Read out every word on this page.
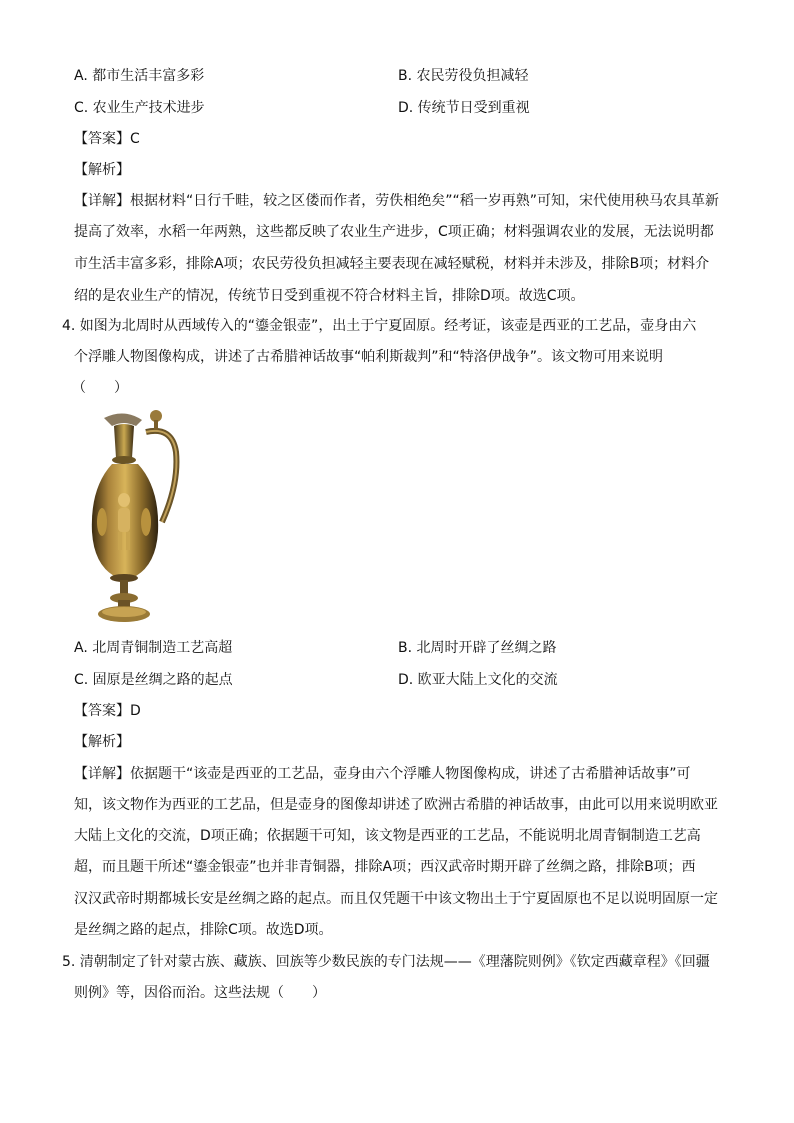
A. 都市生活丰富多彩	B. 农民劳役负担减轻
C. 农业生产技术进步	D. 传统节日受到重视
【答案】C
【解析】
【详解】根据材料“日行千畦，较之区偻而作者，劳佚相绝矣”“稻一岁再熟”可知，宋代使用秧马农具革新
提高了效率，水稻一年两熟，这些都反映了农业生产进步，C项正确；材料强调农业的发展，无法说明都
市生活丰富多彩，排除A项；农民劳役负担减轻主要表现在减轻赋税，材料并未涉及，排除B项；材料介
绍的是农业生产的情况，传统节日受到重视不符合材料主旨，排除D项。故选C项。
4. 如图为北周时从西域传入的“鎏金银壶”，出土于宁夏固原。经考证，该壶是西亚的工艺品，壶身由六
个浮雕人物图像构成，讲述了古希腊神话故事“帕利斯裁判”和“特洛伊战争”。该文物可用来说明
（　　）
A. 北周青铜制造工艺高超	B. 北周时开辟了丝绸之路
C. 固原是丝绸之路的起点	D. 欧亚大陆上文化的交流
【答案】D
【解析】
【详解】依据题干“该壶是西亚的工艺品，壶身由六个浮雕人物图像构成，讲述了古希腊神话故事”可
知，该文物作为西亚的工艺品，但是壶身的图像却讲述了欧洲古希腊的神话故事，由此可以用来说明欧亚
大陆上文化的交流，D项正确；依据题干可知，该文物是西亚的工艺品，不能说明北周青铜制造工艺高
超，而且题干所述“鎏金银壶”也并非青铜器，排除A项；西汉武帝时期开辟了丝绸之路，排除B项；西
汉汉武帝时期都城长安是丝绸之路的起点。而且仅凭题干中该文物出土于宁夏固原也不足以说明固原一定
是丝绸之路的起点，排除C项。故选D项。
5. 清朝制定了针对蒙古族、藏族、回族等少数民族的专门法规——《理藩院则例》《钦定西藏章程》《回疆
则例》等，因俗而治。这些法规（　　）
